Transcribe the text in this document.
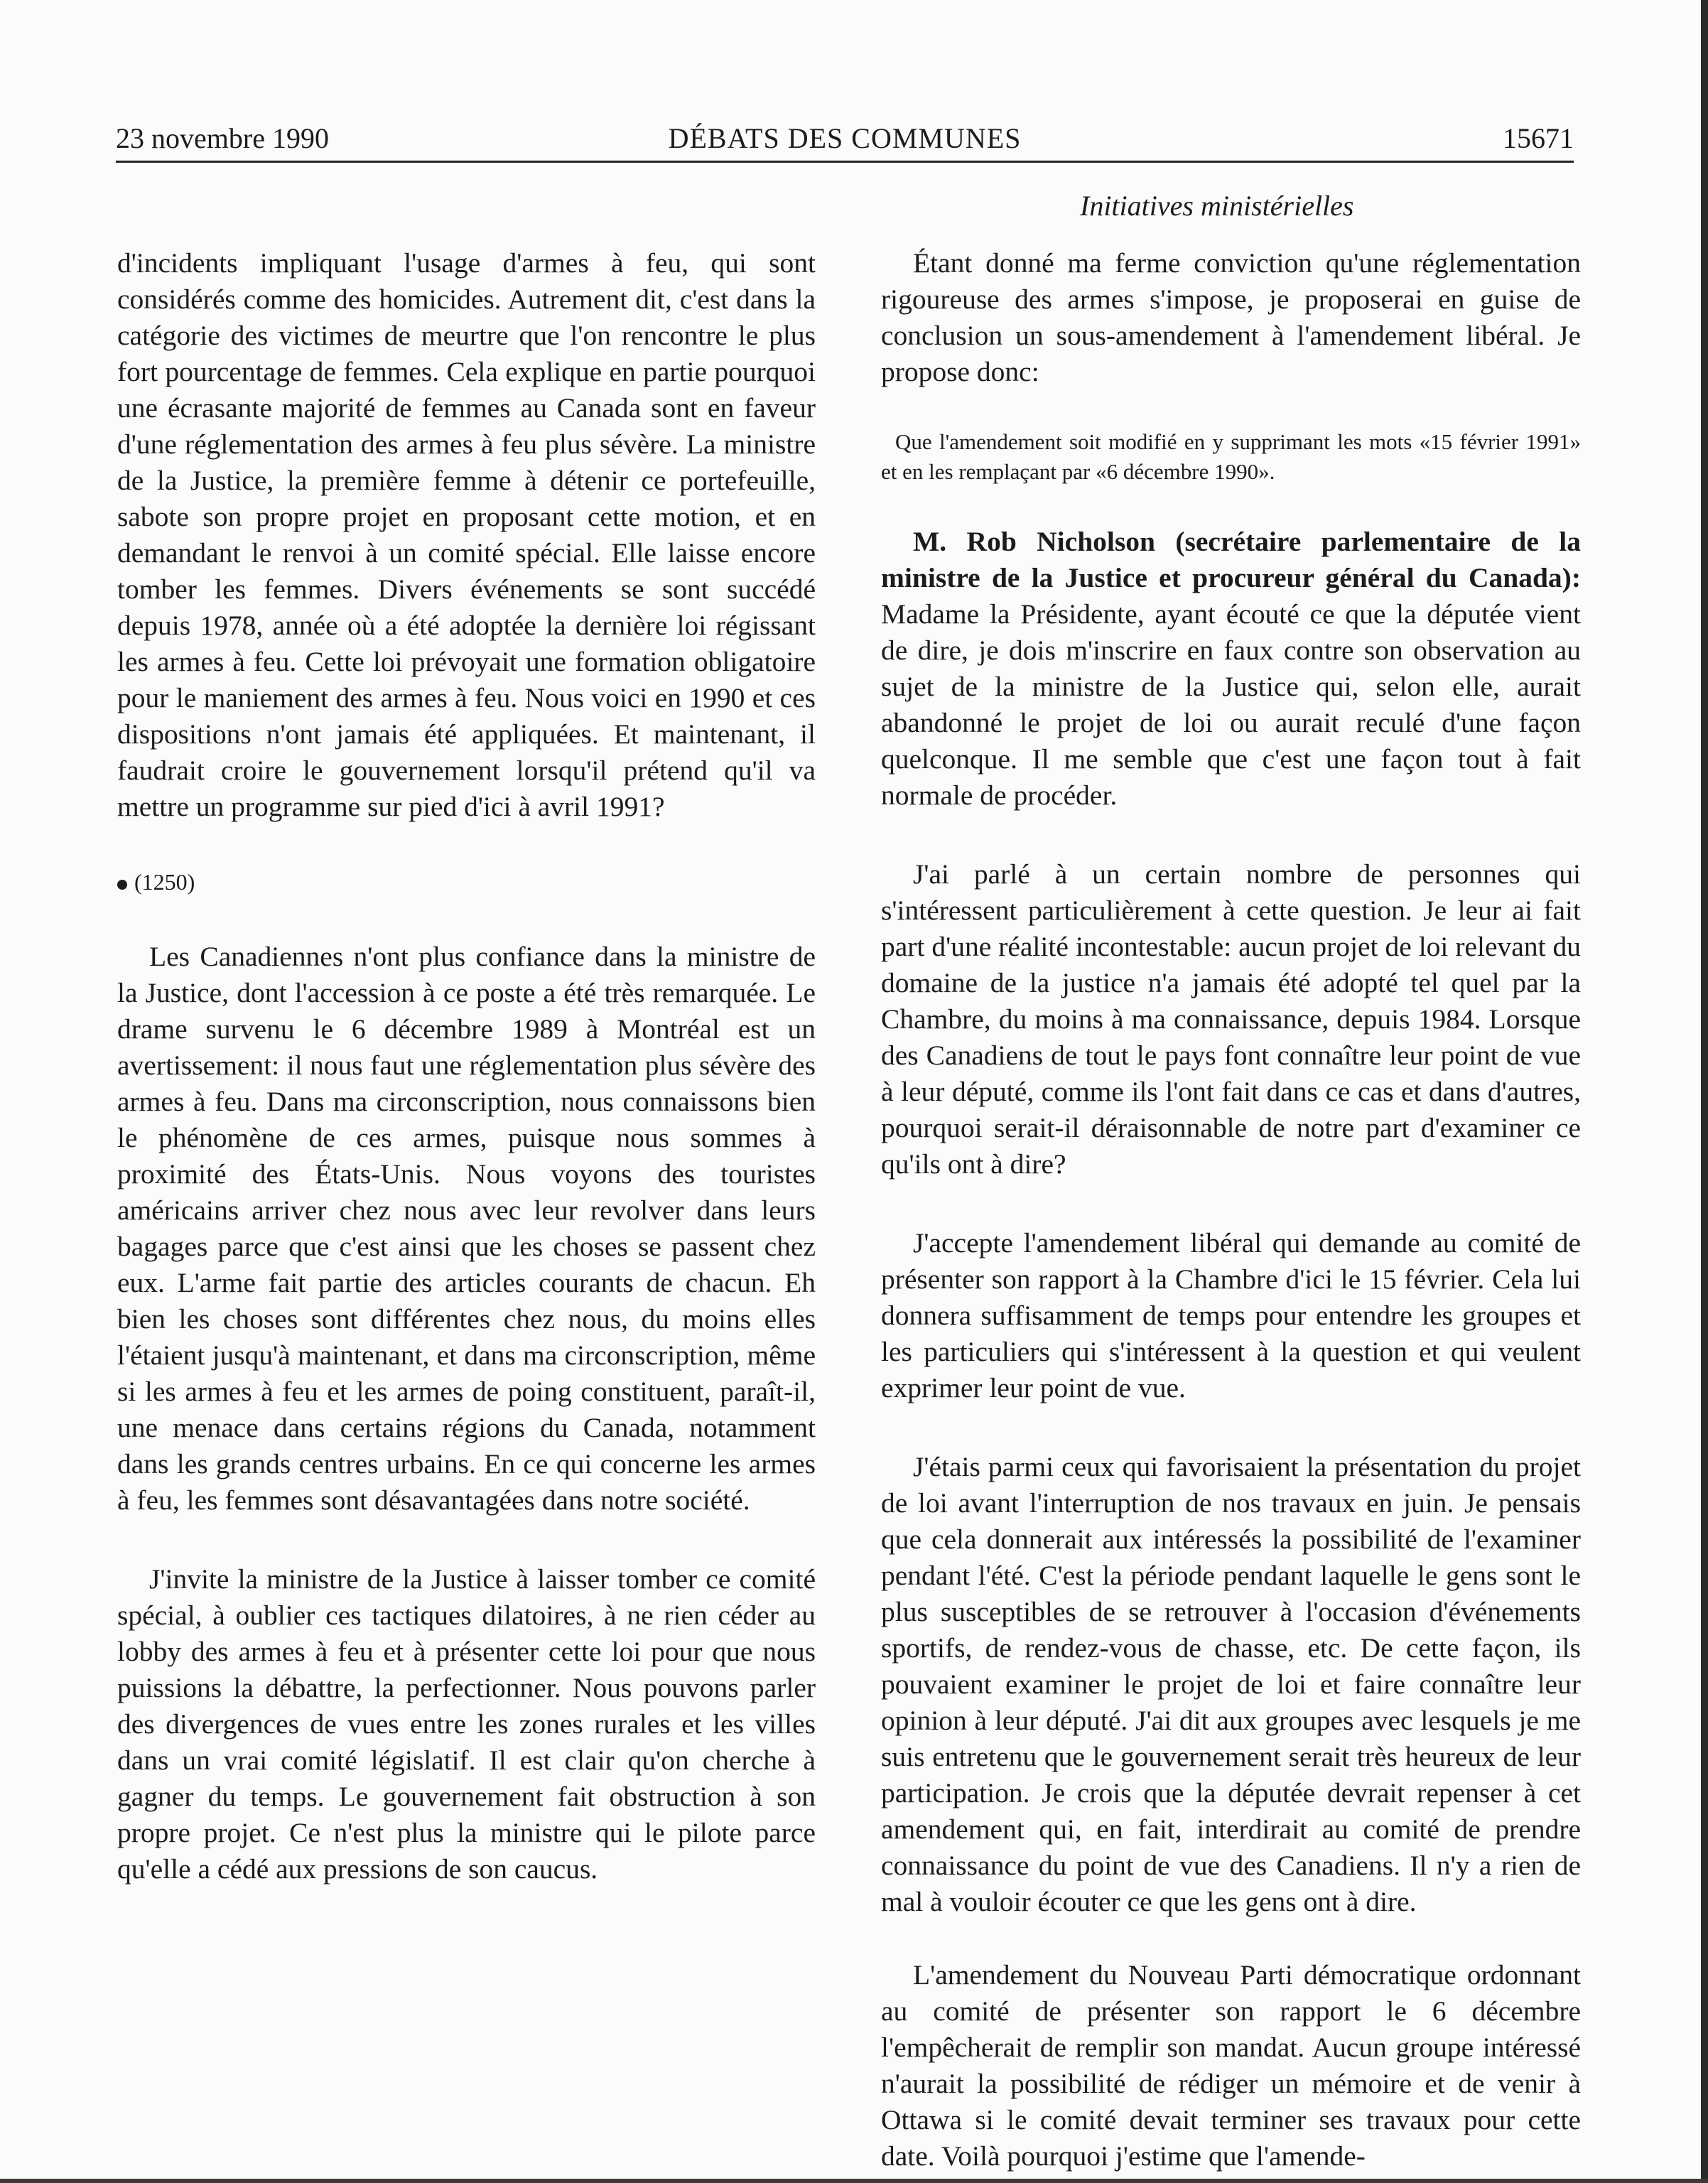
23 novembre 1990	DÉBATS DES COMMUNES	15671
Initiatives ministérielles

d'incidents impliquant l'usage d'armes à feu, qui sont considérés comme des homicides. Autrement dit, c'est dans la catégorie des victimes de meurtre que l'on rencontre le plus fort pourcentage de femmes. Cela explique en partie pourquoi une écrasante majorité de femmes au Canada sont en faveur d'une réglementation des armes à feu plus sévère. La ministre de la Justice, la première femme à détenir ce portefeuille, sabote son propre projet en proposant cette motion, et en demandant le renvoi à un comité spécial. Elle laisse encore tomber les femmes. Divers événements se sont succédé depuis 1978, année où a été adoptée la dernière loi régissant les armes à feu. Cette loi prévoyait une formation obligatoire pour le maniement des armes à feu. Nous voici en 1990 et ces dispositions n'ont jamais été appliquées. Et maintenant, il faudrait croire le gouvernement lorsqu'il prétend qu'il va mettre un programme sur pied d'ici à avril 1991?

(1250)

Les Canadiennes n'ont plus confiance dans la ministre de la Justice, dont l'accession à ce poste a été très remarquée. Le drame survenu le 6 décembre 1989 à Montréal est un avertissement: il nous faut une réglementation plus sévère des armes à feu. Dans ma circonscription, nous connaissons bien le phénomène de ces armes, puisque nous sommes à proximité des États-Unis. Nous voyons des touristes américains arriver chez nous avec leur revolver dans leurs bagages parce que c'est ainsi que les choses se passent chez eux. L'arme fait partie des articles courants de chacun. Eh bien les choses sont différentes chez nous, du moins elles l'étaient jusqu'à maintenant, et dans ma circonscription, même si les armes à feu et les armes de poing constituent, paraît-il, une menace dans certains régions du Canada, notamment dans les grands centres urbains. En ce qui concerne les armes à feu, les femmes sont désavantagées dans notre société.

J'invite la ministre de la Justice à laisser tomber ce comité spécial, à oublier ces tactiques dilatoires, à ne rien céder au lobby des armes à feu et à présenter cette loi pour que nous puissions la débattre, la perfectionner. Nous pouvons parler des divergences de vues entre les zones rurales et les villes dans un vrai comité législatif. Il est clair qu'on cherche à gagner du temps. Le gouvernement fait obstruction à son propre projet. Ce n'est plus la ministre qui le pilote parce qu'elle a cédé aux pressions de son caucus.

Étant donné ma ferme conviction qu'une réglementation rigoureuse des armes s'impose, je proposerai en guise de conclusion un sous-amendement à l'amendement libéral. Je propose donc:

Que l'amendement soit modifié en y supprimant les mots «15 février 1991» et en les remplaçant par «6 décembre 1990».

M. Rob Nicholson (secrétaire parlementaire de la ministre de la Justice et procureur général du Canada): Madame la Présidente, ayant écouté ce que la députée vient de dire, je dois m'inscrire en faux contre son observation au sujet de la ministre de la Justice qui, selon elle, aurait abandonné le projet de loi ou aurait reculé d'une façon quelconque. Il me semble que c'est une façon tout à fait normale de procéder.

J'ai parlé à un certain nombre de personnes qui s'intéressent particulièrement à cette question. Je leur ai fait part d'une réalité incontestable: aucun projet de loi relevant du domaine de la justice n'a jamais été adopté tel quel par la Chambre, du moins à ma connaissance, depuis 1984. Lorsque des Canadiens de tout le pays font connaître leur point de vue à leur député, comme ils l'ont fait dans ce cas et dans d'autres, pourquoi serait-il déraisonnable de notre part d'examiner ce qu'ils ont à dire?

J'accepte l'amendement libéral qui demande au comité de présenter son rapport à la Chambre d'ici le 15 février. Cela lui donnera suffisamment de temps pour entendre les groupes et les particuliers qui s'intéressent à la question et qui veulent exprimer leur point de vue.

J'étais parmi ceux qui favorisaient la présentation du projet de loi avant l'interruption de nos travaux en juin. Je pensais que cela donnerait aux intéressés la possibilité de l'examiner pendant l'été. C'est la période pendant laquelle le gens sont le plus susceptibles de se retrouver à l'occasion d'événements sportifs, de rendez-vous de chasse, etc. De cette façon, ils pouvaient examiner le projet de loi et faire connaître leur opinion à leur député. J'ai dit aux groupes avec lesquels je me suis entretenu que le gouvernement serait très heureux de leur participation. Je crois que la députée devrait repenser à cet amendement qui, en fait, interdirait au comité de prendre connaissance du point de vue des Canadiens. Il n'y a rien de mal à vouloir écouter ce que les gens ont à dire.

L'amendement du Nouveau Parti démocratique ordonnant au comité de présenter son rapport le 6 décembre l'empêcherait de remplir son mandat. Aucun groupe intéressé n'aurait la possibilité de rédiger un mémoire et de venir à Ottawa si le comité devait terminer ses travaux pour cette date. Voilà pourquoi j'estime que l'amende-
